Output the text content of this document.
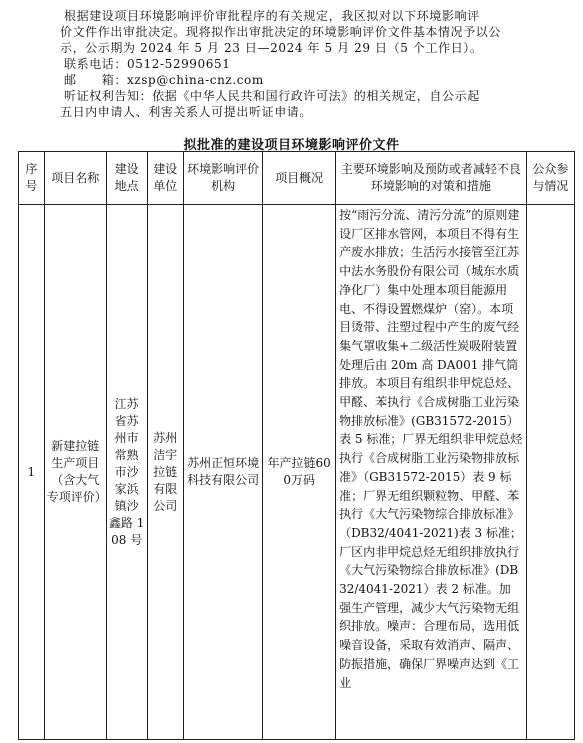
根据建设项目环境影响评价审批程序的有关规定，我区拟对以下环境影响评

价文件作出审批决定。现将拟作出审批决定的环境影响评价文件基本情况予以公

示，公示期为 2024 年 5 月 23 日—2024 年 5 月 29 日（5 个工作日）。

联系电话：0512-52990651

邮　　箱：xzsp@china-cnz.com

听证权利告知：依据《中华人民共和国行政许可法》的相关规定，自公示起

五日内申请人、利害关系人可提出听证申请。

拟批准的建设项目环境影响评价文件
序号	项目名称	建设地点	建设单位	环境影响评价机构	项目概况	主要环境影响及预防或者减轻不良环境影响的对策和措施	公众参与情况
1	新建拉链生产项目（含大气专项评价）	江苏省苏州市常熟市沙家浜镇沙鑫路 108 号	苏州洁宇拉链有限公司	苏州正恒环境科技有限公司	年产拉链600万码	按“雨污分流、清污分流”的原则建设厂区排水管网，本项目不得有生产废水排放；生活污水接管至江苏中法水务股份有限公司（城东水质净化厂）集中处理本项目能源用电、不得设置燃煤炉（窑）。本项目烫带、注塑过程中产生的废气经集气罩收集+二级活性炭吸附装置处理后由 20m 高 DA001 排气筒排放。本项目有组织非甲烷总烃、甲醛、苯执行《合成树脂工业污染物排放标准》(GB31572-2015）表 5 标准；厂界无组织非甲烷总烃执行《合成树脂工业污染物排放标准》（GB31572-2015）表 9 标准；厂界无组织颗粒物、甲醛、苯执行《大气污染物综合排放标准》（DB32/4041-2021)表 3 标准；厂区内非甲烷总烃无组织排放执行《大气污染物综合排放标准》(DB32/4041-2021）表 2 标准。加强生产管理，减少大气污染物无组织排放。噪声：合理布局，选用低噪音设备，采取有效消声、隔声、防振措施，确保厂界噪声达到《工业	
